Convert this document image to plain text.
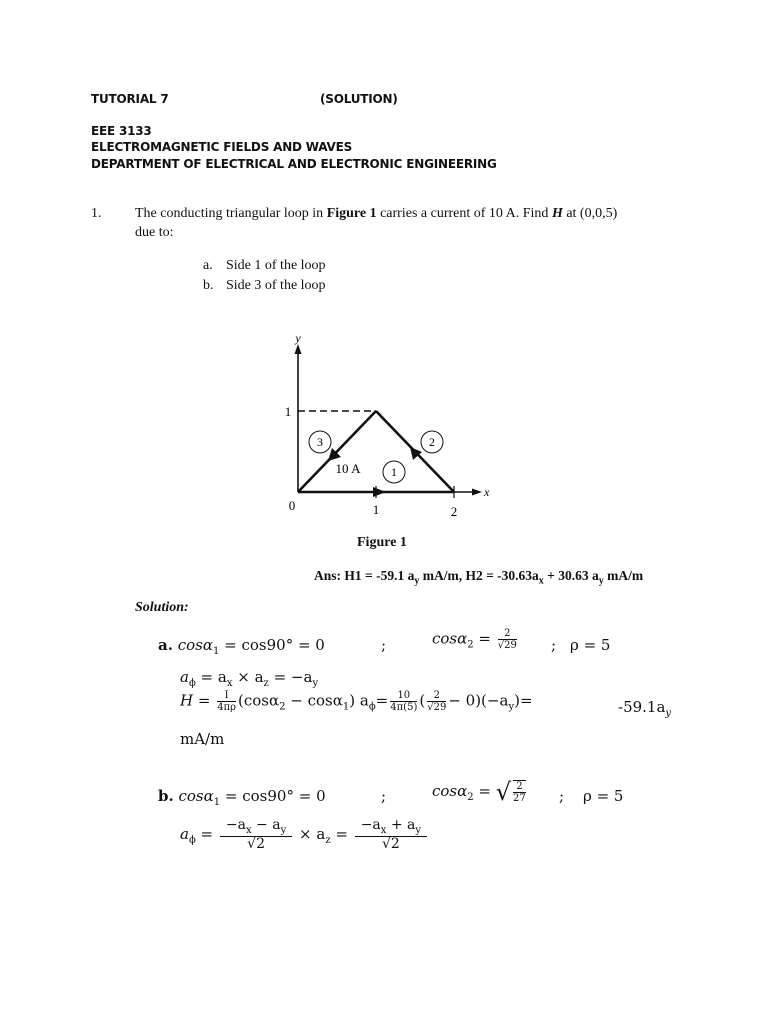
TUTORIAL 7	(SOLUTION)
EEE 3133
ELECTROMAGNETIC FIELDS AND WAVES
DEPARTMENT OF ELECTRICAL AND ELECTRONIC ENGINEERING
1. The conducting triangular loop in Figure 1 carries a current of 10 A. Find H at (0,0,5)
due to:
a. Side 1 of the loop
b. Side 3 of the loop
3	2
1
y
x
1
0	1	2
10 A
Figure 1
Ans: H1 = -59.1 $a_y$ mA/m, $H2 = -30.63a_x + 30.63$ $a_y$ mA/m
Solution:
a. cosα$_1$ = cos90° = 0	;	$\cos\alpha_2 = \frac{2}{√29}$ ; ρ = 5
$a_\phi = a_x \times a_z = -a_y$
$H = \frac{I}{4\pi\rho} (\cos\alpha_2 - \cos\alpha_1)$ $a_\phi= \frac{10}{4\pi(5)}$ ( $\frac{2}{√29} - 0)(-a_y)=$	$-59.1a_y$
mA/m
b. cosα$_1$ = cos90° = 0	;	cosα$_2$ = √ $\frac{2}{27}$ ; ρ = 5
$a_\phi = \frac{-a_x - a_y}{√2} \times a_z = \frac{-a_x + a_y}{√2}$
